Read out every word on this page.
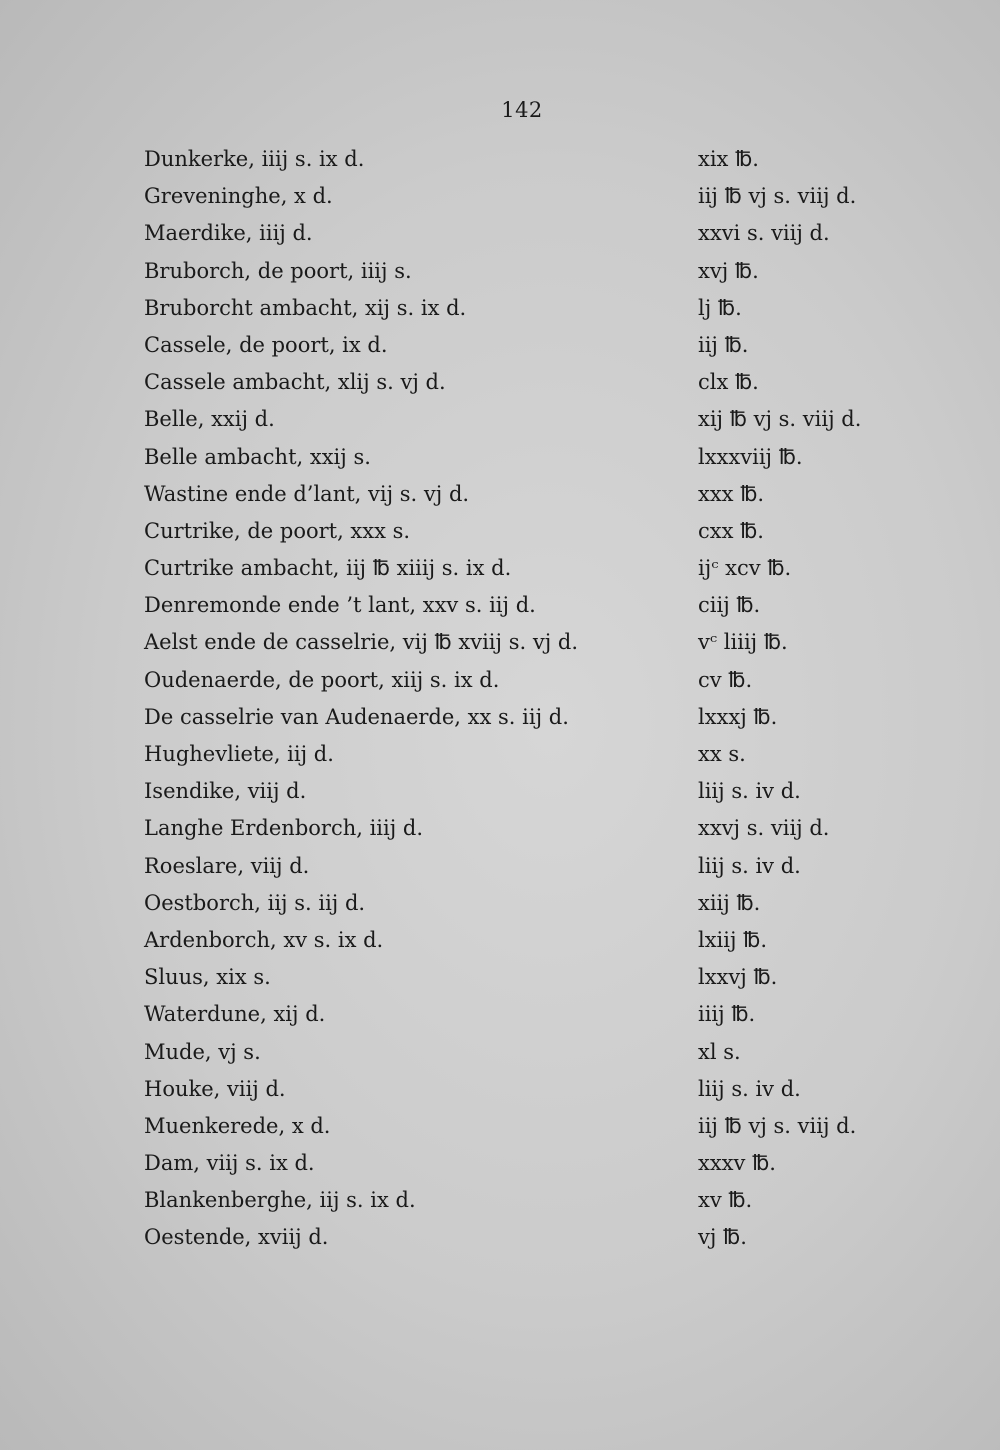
142
Dunkerke, iiij s. ix d.	xix ℔.
Greveninghe, x d.	iij ℔ vj s. viij d.
Maerdike, iiij d.	xxvi s. viij d.
Bruborch, de poort, iiij s.	xvj ℔.
Bruborcht ambacht, xij s. ix d.	lj ℔.
Cassele, de poort, ix d.	iij ℔.
Cassele ambacht, xlij s. vj d.	clx ℔.
Belle, xxij d.	xij ℔ vj s. viij d.
Belle ambacht, xxij s.	lxxxviij ℔.
Wastine ende d’lant, vij s. vj d.	xxx ℔.
Curtrike, de poort, xxx s.	cxx ℔.
Curtrike ambacht, iij ℔ xiiij s. ix d.	ijᶜ xcv ℔.
Denremonde ende ’t lant, xxv s. iij d.	ciij ℔.
Aelst ende de casselrie, vij ℔ xviij s. vj d.	vᶜ liiij ℔.
Oudenaerde, de poort, xiij s. ix d.	cv ℔.
De casselrie van Audenaerde, xx s. iij d.	lxxxj ℔.
Hughevliete, iij d.	xx s.
Isendike, viij d.	liij s. iv d.
Langhe Erdenborch, iiij d.	xxvj s. viij d.
Roeslare, viij d.	liij s. iv d.
Oestborch, iij s. iij d.	xiij ℔.
Ardenborch, xv s. ix d.	lxiij ℔.
Sluus, xix s.	lxxvj ℔.
Waterdune, xij d.	iiij ℔.
Mude, vj s.	xl s.
Houke, viij d.	liij s. iv d.
Muenkerede, x d.	iij ℔ vj s. viij d.
Dam, viij s. ix d.	xxxv ℔.
Blankenberghe, iij s. ix d.	xv ℔.
Oestende, xviij d.	vj ℔.
